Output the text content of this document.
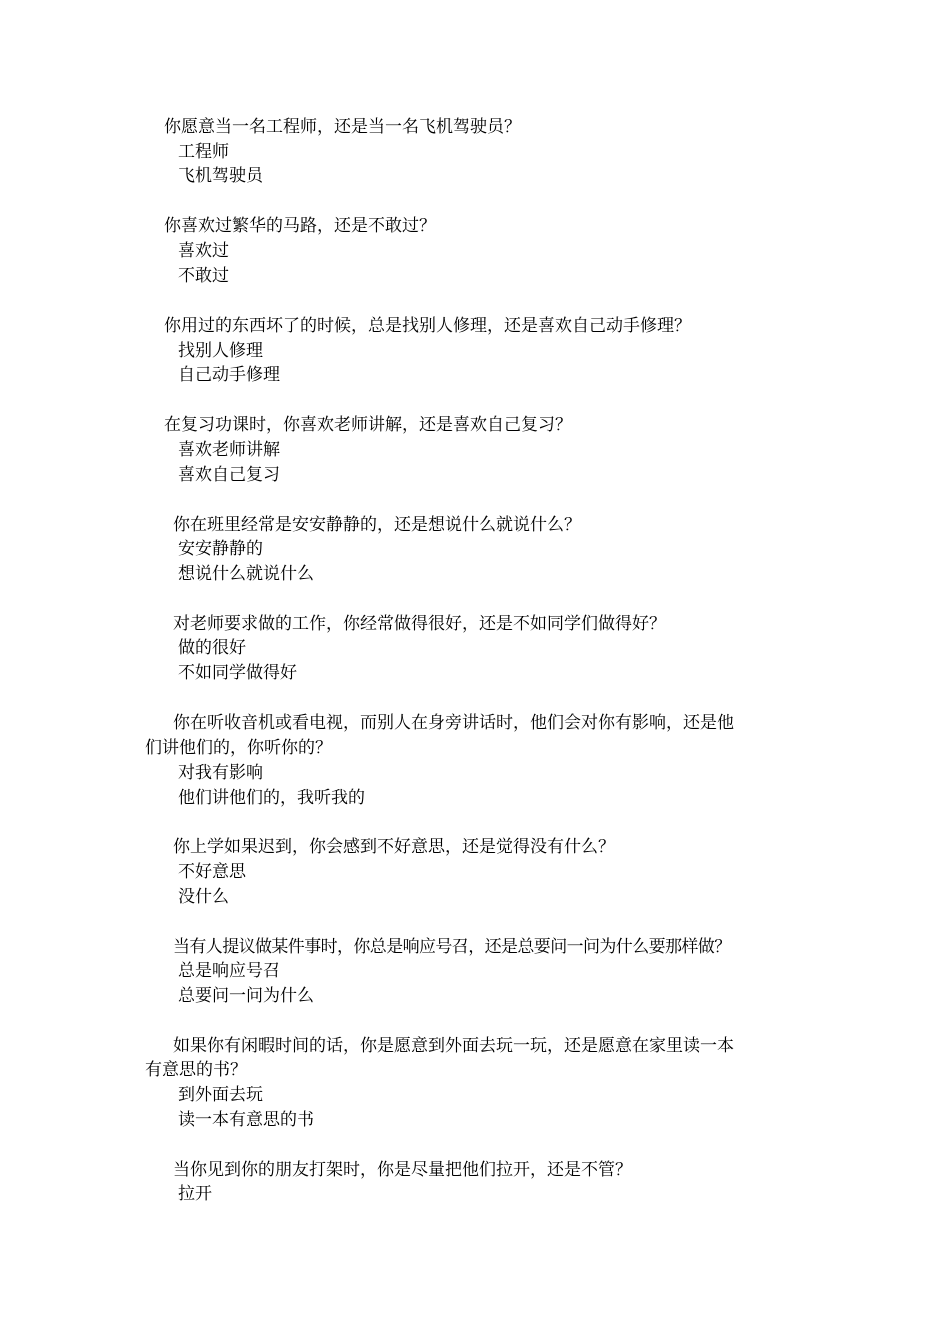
你愿意当一名工程师，还是当一名飞机驾驶员？
工程师
飞机驾驶员
你喜欢过繁华的马路，还是不敢过？
喜欢过
不敢过
你用过的东西坏了的时候，总是找别人修理，还是喜欢自己动手修理？
找别人修理
自己动手修理
在复习功课时，你喜欢老师讲解，还是喜欢自己复习？
喜欢老师讲解
喜欢自己复习
你在班里经常是安安静静的，还是想说什么就说什么？
安安静静的
想说什么就说什么
对老师要求做的工作，你经常做得很好，还是不如同学们做得好？
做的很好
不如同学做得好
你在听收音机或看电视，而别人在身旁讲话时，他们会对你有影响，还是他
们讲他们的，你听你的？
对我有影响
他们讲他们的，我听我的
你上学如果迟到，你会感到不好意思，还是觉得没有什么？
不好意思
没什么
当有人提议做某件事时，你总是响应号召，还是总要问一问为什么要那样做？
总是响应号召
总要问一问为什么
如果你有闲暇时间的话，你是愿意到外面去玩一玩，还是愿意在家里读一本
有意思的书？
到外面去玩
读一本有意思的书
当你见到你的朋友打架时，你是尽量把他们拉开，还是不管？
拉开
